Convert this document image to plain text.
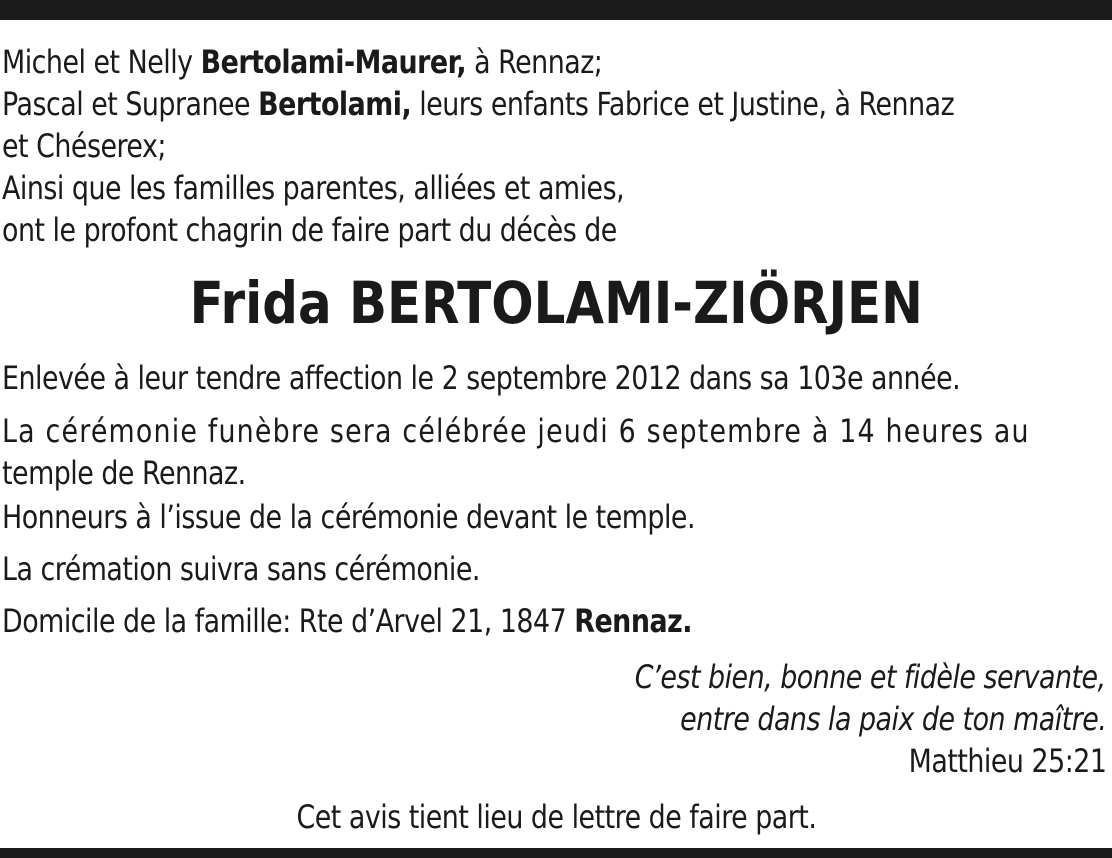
Michel et Nelly Bertolami-Maurer, à Rennaz;
Pascal et Supranee Bertolami, leurs enfants Fabrice et Justine, à Rennaz
et Chéserex;
Ainsi que les familles parentes, alliées et amies,
ont le profont chagrin de faire part du décès de
Frida BERTOLAMI-ZIÖRJEN
Enlevée à leur tendre affection le 2 septembre 2012 dans sa 103e année.
La cérémonie funèbre sera célébrée jeudi 6 septembre à 14 heures au
temple de Rennaz.
Honneurs à l’issue de la cérémonie devant le temple.
La crémation suivra sans cérémonie.
Domicile de la famille: Rte d’Arvel 21, 1847 Rennaz.
C’est bien, bonne et fidèle servante,
entre dans la paix de ton maître.
Matthieu 25:21
Cet avis tient lieu de lettre de faire part.
